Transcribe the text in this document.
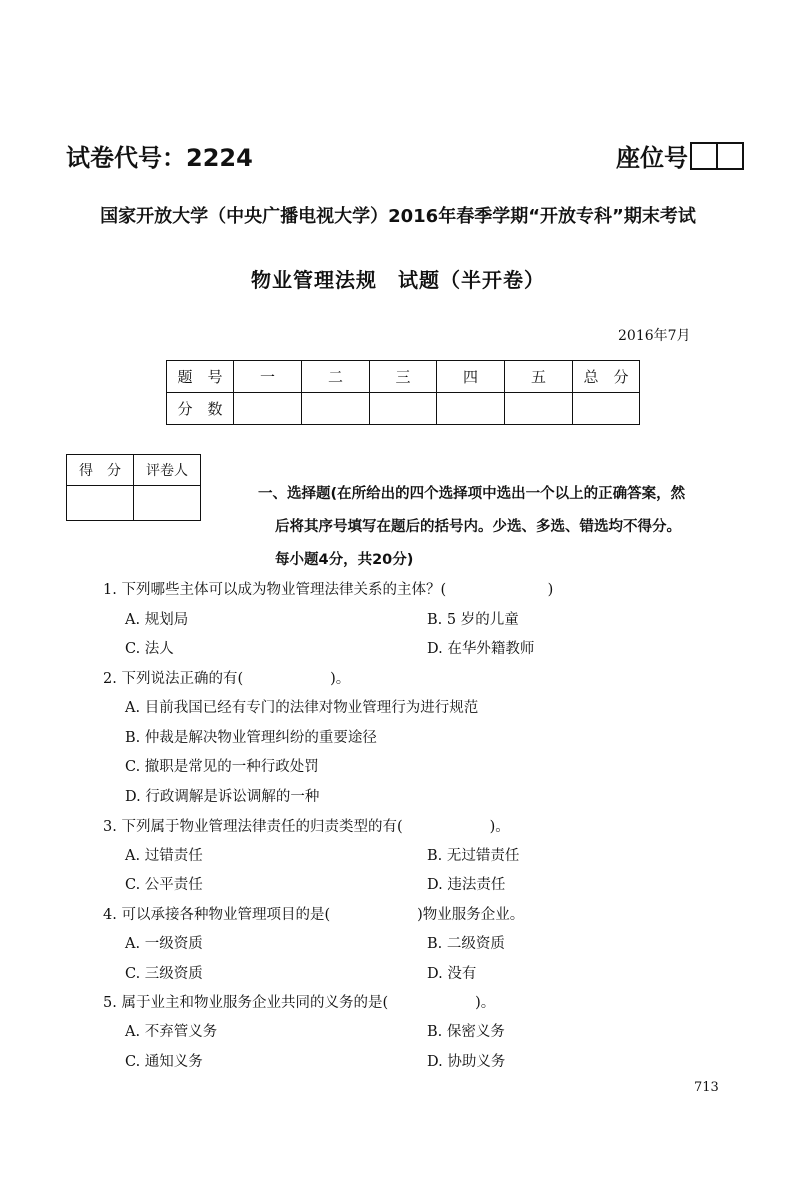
试卷代号：2224	座位号
国家开放大学（中央广播电视大学）2016年春季学期“开放专科”期末考试
物业管理法规　试题（半开卷）
2016年7月
题　号	一	二	三	四	五	总　分
分　数						
得　分	评卷人

一、选择题(在所给出的四个选择项中选出一个以上的正确答案，然
后将其序号填写在题后的括号内。少选、多选、错选均不得分。
每小题4分，共20分)
1. 下列哪些主体可以成为物业管理法律关系的主体？(　　　　　　　)
A. 规划局	B. 5 岁的儿童
C. 法人	D. 在华外籍教师
2. 下列说法正确的有(　　　　　　)。
A. 目前我国已经有专门的法律对物业管理行为进行规范
B. 仲裁是解决物业管理纠纷的重要途径
C. 撤职是常见的一种行政处罚
D. 行政调解是诉讼调解的一种
3. 下列属于物业管理法律责任的归责类型的有(　　　　　　)。
A. 过错责任	B. 无过错责任
C. 公平责任	D. 违法责任
4. 可以承接各种物业管理项目的是(　　　　　　)物业服务企业。
A. 一级资质	B. 二级资质
C. 三级资质	D. 没有
5. 属于业主和物业服务企业共同的义务的是(　　　　　　)。
A. 不弃管义务	B. 保密义务
C. 通知义务	D. 协助义务
713
